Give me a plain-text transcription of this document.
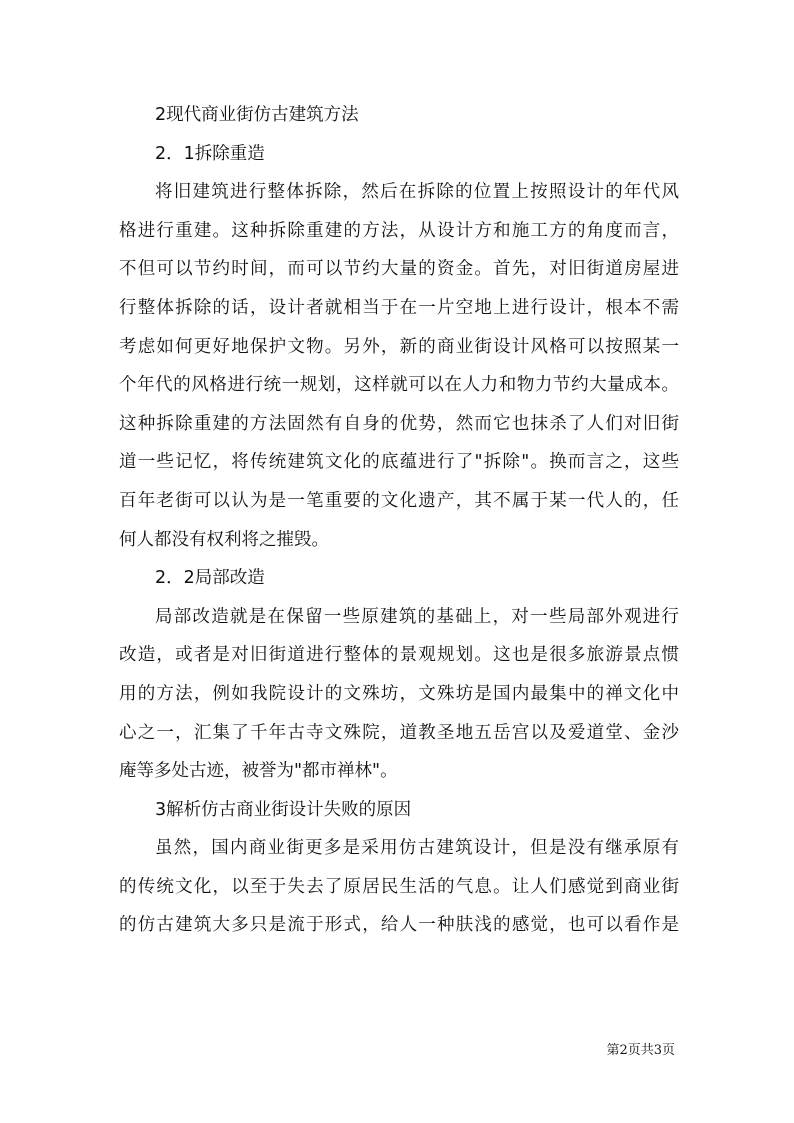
2现代商业街仿古建筑方法
2．1拆除重造
将旧建筑进行整体拆除，然后在拆除的位置上按照设计的年代风
格进行重建。这种拆除重建的方法，从设计方和施工方的角度而言，
不但可以节约时间，而可以节约大量的资金。首先，对旧街道房屋进
行整体拆除的话，设计者就相当于在一片空地上进行设计，根本不需
考虑如何更好地保护文物。另外，新的商业街设计风格可以按照某一
个年代的风格进行统一规划，这样就可以在人力和物力节约大量成本。
这种拆除重建的方法固然有自身的优势，然而它也抹杀了人们对旧街
道一些记忆，将传统建筑文化的底蕴进行了"拆除"。换而言之，这些
百年老街可以认为是一笔重要的文化遗产，其不属于某一代人的，任
何人都没有权利将之摧毁。
2．2局部改造
局部改造就是在保留一些原建筑的基础上，对一些局部外观进行
改造，或者是对旧街道进行整体的景观规划。这也是很多旅游景点惯
用的方法，例如我院设计的文殊坊，文殊坊是国内最集中的禅文化中
心之一，汇集了千年古寺文殊院，道教圣地五岳宫以及爱道堂、金沙
庵等多处古迹，被誉为"都市禅林"。
3解析仿古商业街设计失败的原因
虽然，国内商业街更多是采用仿古建筑设计，但是没有继承原有
的传统文化，以至于失去了原居民生活的气息。让人们感觉到商业街
的仿古建筑大多只是流于形式，给人一种肤浅的感觉，也可以看作是
第2页共3页
